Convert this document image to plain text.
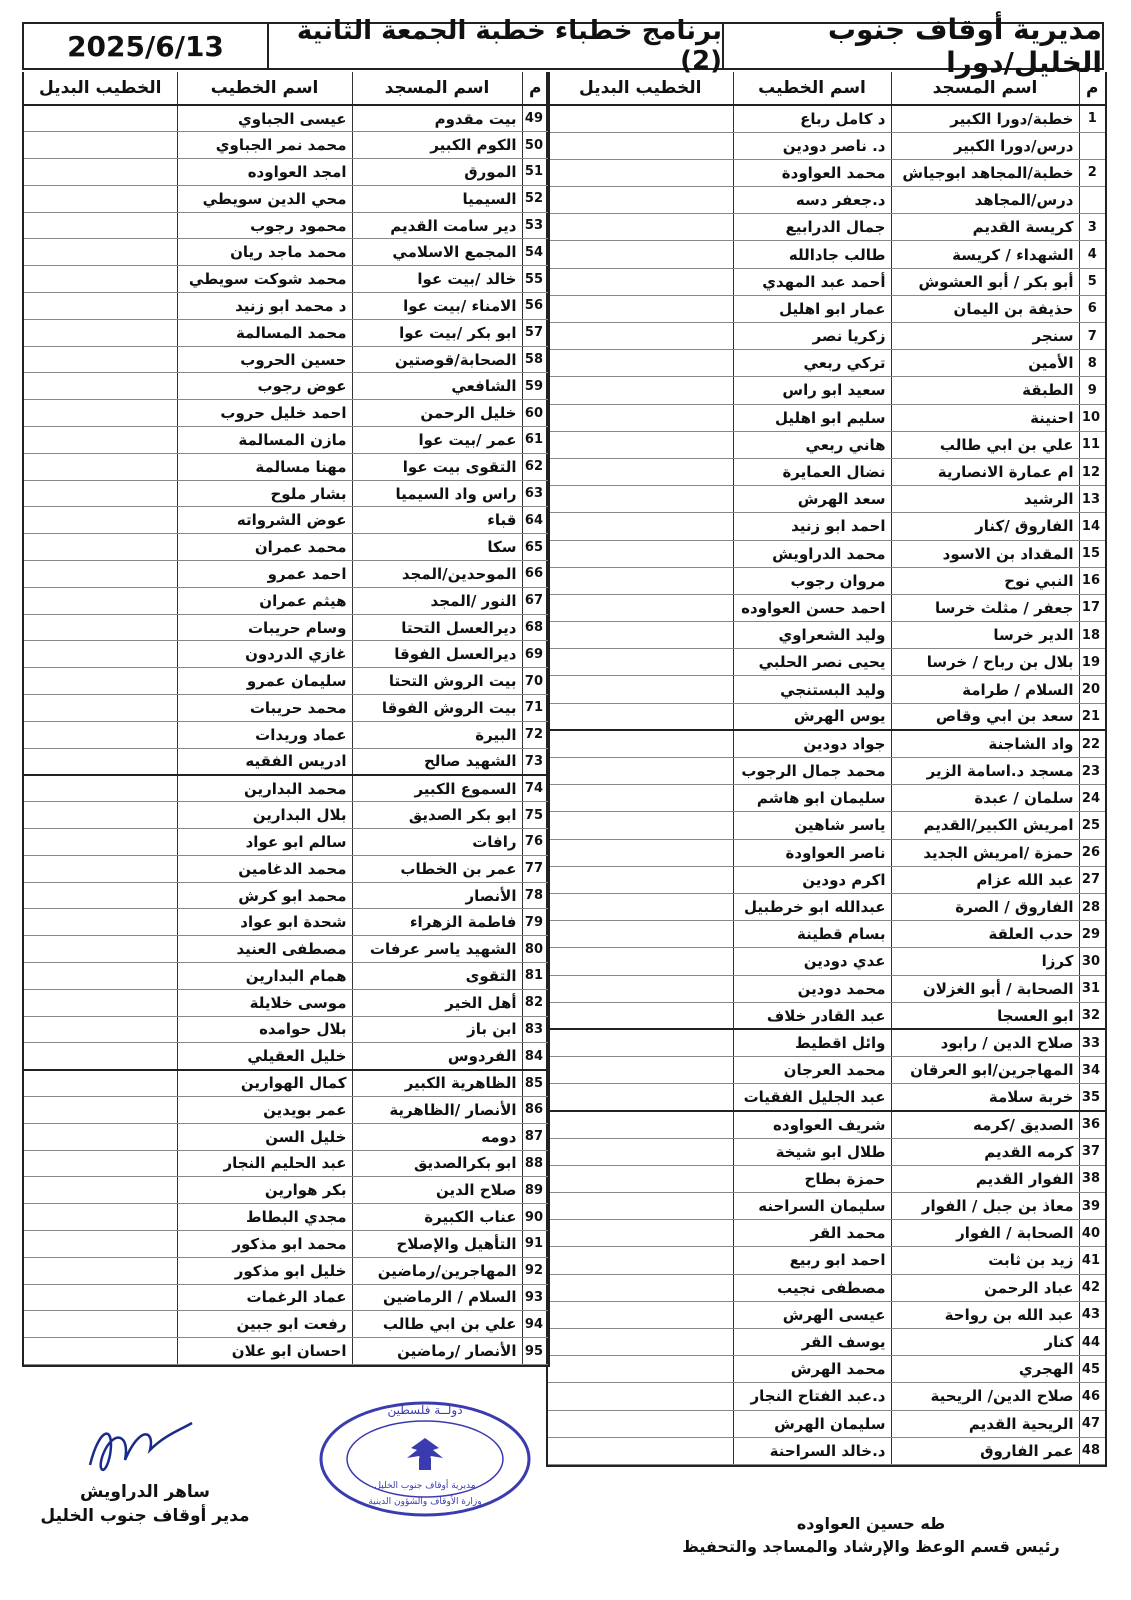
مديرية أوقاف جنوب الخليل/دورا
برنامج خطباء خطبة الجمعة الثانية (2)
2025/6/13
م	اسم المسجد	اسم الخطيب	الخطيب البديل
1	خطبة/دورا الكبير	د كامل رباع	
	درس/دورا الكبير	د. ناصر دودين	
2	خطبة/المجاهد ابوجياش	محمد العواودة	
	درس/المجاهد	د.جعفر دسه	
3	كريسة القديم	جمال الدرابيع	
4	الشهداء / كريسة	طالب جادالله	
5	أبو بكر / أبو العشوش	أحمد عبد المهدي	
6	حذيفة بن اليمان	عمار ابو اهليل	
7	سنجر	زكريا نصر	
8	الأمين	تركي ربعي	
9	الطبقة	سعيد ابو راس	
10	احنينة	سليم ابو اهليل	
11	علي بن ابي طالب	هاني ربعي	
12	ام عمارة الانصارية	نضال العمايرة	
13	الرشيد	سعد الهرش	
14	الفاروق /كنار	احمد ابو زنيد	
15	المقداد بن الاسود	محمد الدراويش	
16	النبي نوح	مروان رجوب	
17	جعفر / مثلث خرسا	احمد حسن العواوده	
18	الدير خرسا	وليد الشعراوي	
19	بلال بن رباح / خرسا	يحيى نصر الحلبي	
20	السلام / طرامة	وليد البستنجي	
21	سعد بن ابي وقاص	يوس الهرش	
22	واد الشاجنة	جواد دودين	
23	مسجد د.اسامة الزير	محمد جمال الرجوب	
24	سلمان / عبدة	سليمان ابو هاشم	
25	امريش الكبير/القديم	ياسر شاهين	
26	حمزة /امريش الجديد	ناصر العواودة	
27	عبد الله عزام	اكرم دودين	
28	الفاروق / الصرة	عبدالله ابو خرطبيل	
29	حدب العلقة	بسام قطينة	
30	كرزا	عدي دودين	
31	الصحابة / أبو الغزلان	محمد دودين	
32	ابو العسجا	عبد القادر خلاف	
33	صلاح الدين / رابود	وائل اقطيط	
34	المهاجرين/ابو العرقان	محمد العرجان	
35	خربة سلامة	عبد الجليل الفقيات	
36	الصديق /كرمه	شريف العواوده	
37	كرمه القديم	طلال ابو شيخة	
38	الفوار القديم	حمزة بطاح	
39	معاذ بن جبل / الفوار	سليمان السراحنه	
40	الصحابة / الفوار	محمد القر	
41	زيد بن ثابت	احمد ابو ربيع	
42	عباد الرحمن	مصطفى نجيب	
43	عبد الله بن رواحة	عيسى الهرش	
44	كنار	يوسف القر	
45	الهجري	محمد الهرش	
46	صلاح الدين/ الريحية	د.عبد الفتاح النجار	
47	الريحية القديم	سليمان الهرش	
48	عمر الفاروق	د.خالد السراحنة	
م	اسم المسجد	اسم الخطيب	الخطيب البديل
49	بيت مقدوم	عيسى الجباوي	
50	الكوم الكبير	محمد نمر الجباوي	
51	المورق	امجد العواوده	
52	السيميا	محي الدين سويطي	
53	دير سامت القديم	محمود رجوب	
54	المجمع الاسلامي	محمد ماجد ريان	
55	خالد /بيت عوا	محمد شوكت سويطي	
56	الامناء /بيت عوا	د محمد ابو زنيد	
57	ابو بكر /بيت عوا	محمد المسالمة	
58	الصحابة/قوصتين	حسين الحروب	
59	الشافعي	عوض رجوب	
60	خليل الرحمن	احمد خليل حروب	
61	عمر /بيت عوا	مازن المسالمة	
62	التقوى بيت عوا	مهنا مسالمة	
63	راس واد السيميا	بشار ملوح	
64	قباء	عوض الشرواته	
65	سكا	محمد عمران	
66	الموحدين/المجد	احمد عمرو	
67	النور /المجد	هيثم عمران	
68	ديرالعسل التحتا	وسام حريبات	
69	ديرالعسل الفوقا	غازي الدردون	
70	بيت الروش التحتا	سليمان عمرو	
71	بيت الروش الفوقا	محمد حريبات	
72	البيرة	عماد وريدات	
73	الشهيد صالح	ادريس الفقيه	
74	السموع الكبير	محمد البدارين	
75	ابو بكر الصديق	بلال البدارين	
76	رافات	سالم ابو عواد	
77	عمر بن الخطاب	محمد الدغامين	
78	الأنصار	محمد ابو كرش	
79	فاطمة الزهراء	شحدة ابو عواد	
80	الشهيد ياسر عرفات	مصطفى العنيد	
81	التقوى	همام البدارين	
82	أهل الخير	موسى خلايلة	
83	ابن باز	بلال حوامده	
84	الفردوس	خليل العقيلي	
85	الظاهرية الكبير	كمال الهوارين	
86	الأنصار /الظاهرية	عمر بويدين	
87	دومه	خليل السن	
88	ابو بكرالصديق	عبد الحليم النجار	
89	صلاح الدين	بكر هوارين	
90	عناب الكبيرة	مجدي البطاط	
91	التأهيل والإصلاح	محمد ابو مذكور	
92	المهاجرين/رماضين	خليل ابو مذكور	
93	السلام / الرماضين	عماد الرغمات	
94	علي بن ابي طالب	رفعت ابو جبين	
95	الأنصار /رماضين	احسان ابو علان	
ساهر الدراويش
مدير أوقاف جنوب الخليل
دولــة فلسطين
مديرية أوقاف جنوب الخليل
وزارة الأوقاف والشؤون الدينية
طه حسين العواوده
رئيس قسم الوعظ والإرشاد والمساجد والتحفيظ
